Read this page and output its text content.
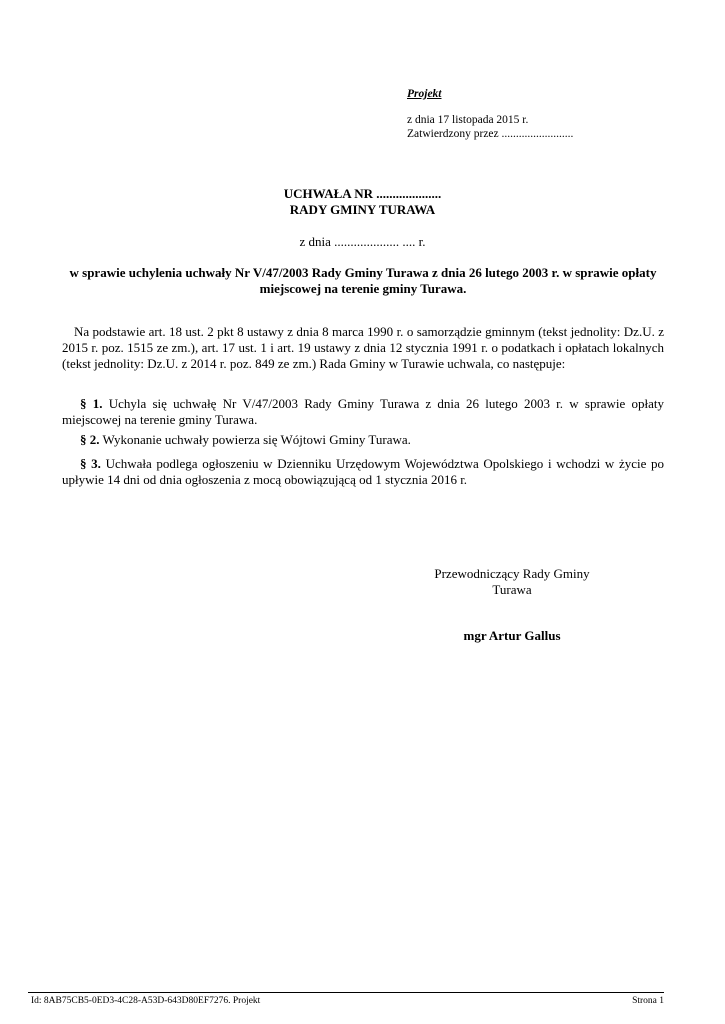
Projekt
z dnia 17 listopada 2015 r.
Zatwierdzony przez .........................
UCHWAŁA NR ....................
RADY GMINY TURAWA
z dnia .................... .... r.
w sprawie uchylenia uchwały Nr V/47/2003 Rady Gminy Turawa z dnia 26 lutego 2003 r. w sprawie opłaty miejscowej na terenie gminy Turawa.
Na podstawie art. 18 ust. 2 pkt 8 ustawy z dnia 8 marca 1990 r. o samorządzie gminnym (tekst jednolity: Dz.U. z 2015 r. poz. 1515 ze zm.), art. 17 ust. 1 i art. 19 ustawy z dnia 12 stycznia 1991 r. o podatkach i opłatach lokalnych (tekst jednolity: Dz.U. z 2014 r. poz. 849 ze zm.) Rada Gminy w Turawie uchwala, co następuje:
§ 1. Uchyla się uchwałę Nr V/47/2003 Rady Gminy Turawa z dnia 26 lutego 2003 r. w sprawie opłaty miejscowej na terenie gminy Turawa.
§ 2. Wykonanie uchwały powierza się Wójtowi Gminy Turawa.
§ 3. Uchwała podlega ogłoszeniu w Dzienniku Urzędowym Województwa Opolskiego i wchodzi w życie po upływie 14 dni od dnia ogłoszenia z mocą obowiązującą od 1 stycznia 2016 r.
Przewodniczący Rady Gminy
Turawa
mgr Artur Gallus
Id: 8AB75CB5-0ED3-4C28-A53D-643D80EF7276. Projekt	Strona 1
